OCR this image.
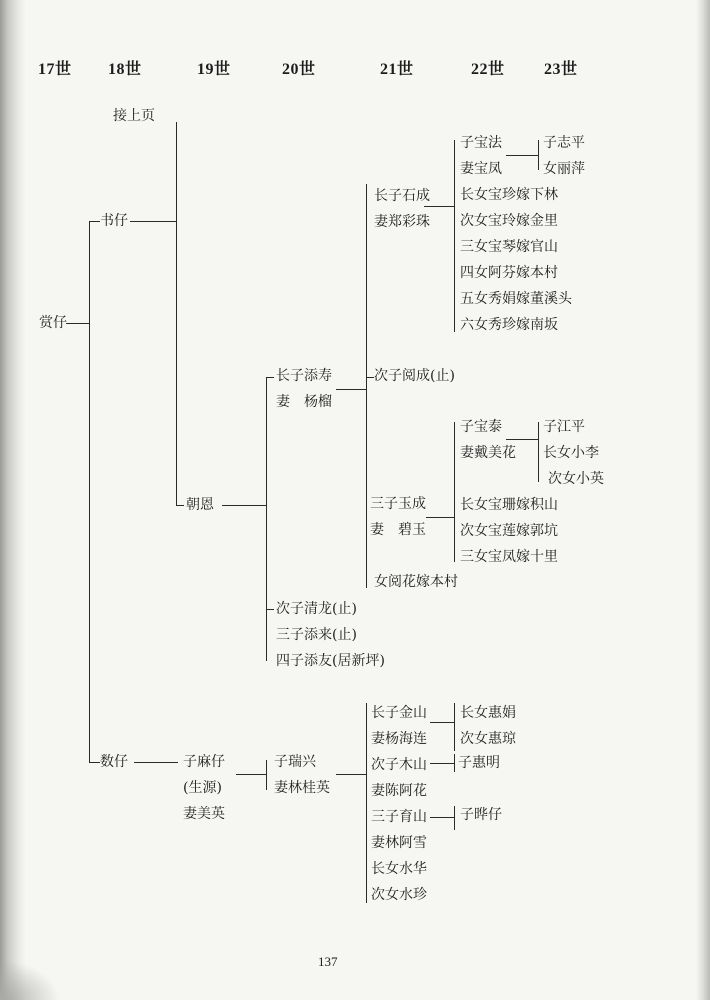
17世 18世	19世	20世	21世	22世 23世
接上页
赏仔
书仔
数仔
朝恩
子麻仔
(生源)
妻美英
长子添寿
妻　杨榴
次子清龙(止)
三子添来(止)
四子添友(居新坪)
子瑞兴
妻林桂英
长子石成
妻郑彩珠
次子阅成(止)
三子玉成
妻　碧玉
女阅花嫁本村
长子金山
妻杨海连
次子木山
妻陈阿花
三子育山
妻林阿雪
长女水华
次女水珍
子宝法
妻宝凤
长女宝珍嫁下林
次女宝玲嫁金里
三女宝琴嫁官山
四女阿芬嫁本村
五女秀娟嫁董溪头
六女秀珍嫁南坂
子宝泰
妻戴美花
长女宝珊嫁积山
次女宝莲嫁郭坑
三女宝凤嫁十里
长女惠娟
次女惠琼
子惠明
子晔仔
子志平
女丽萍
子江平
长女小李
次女小英
137
